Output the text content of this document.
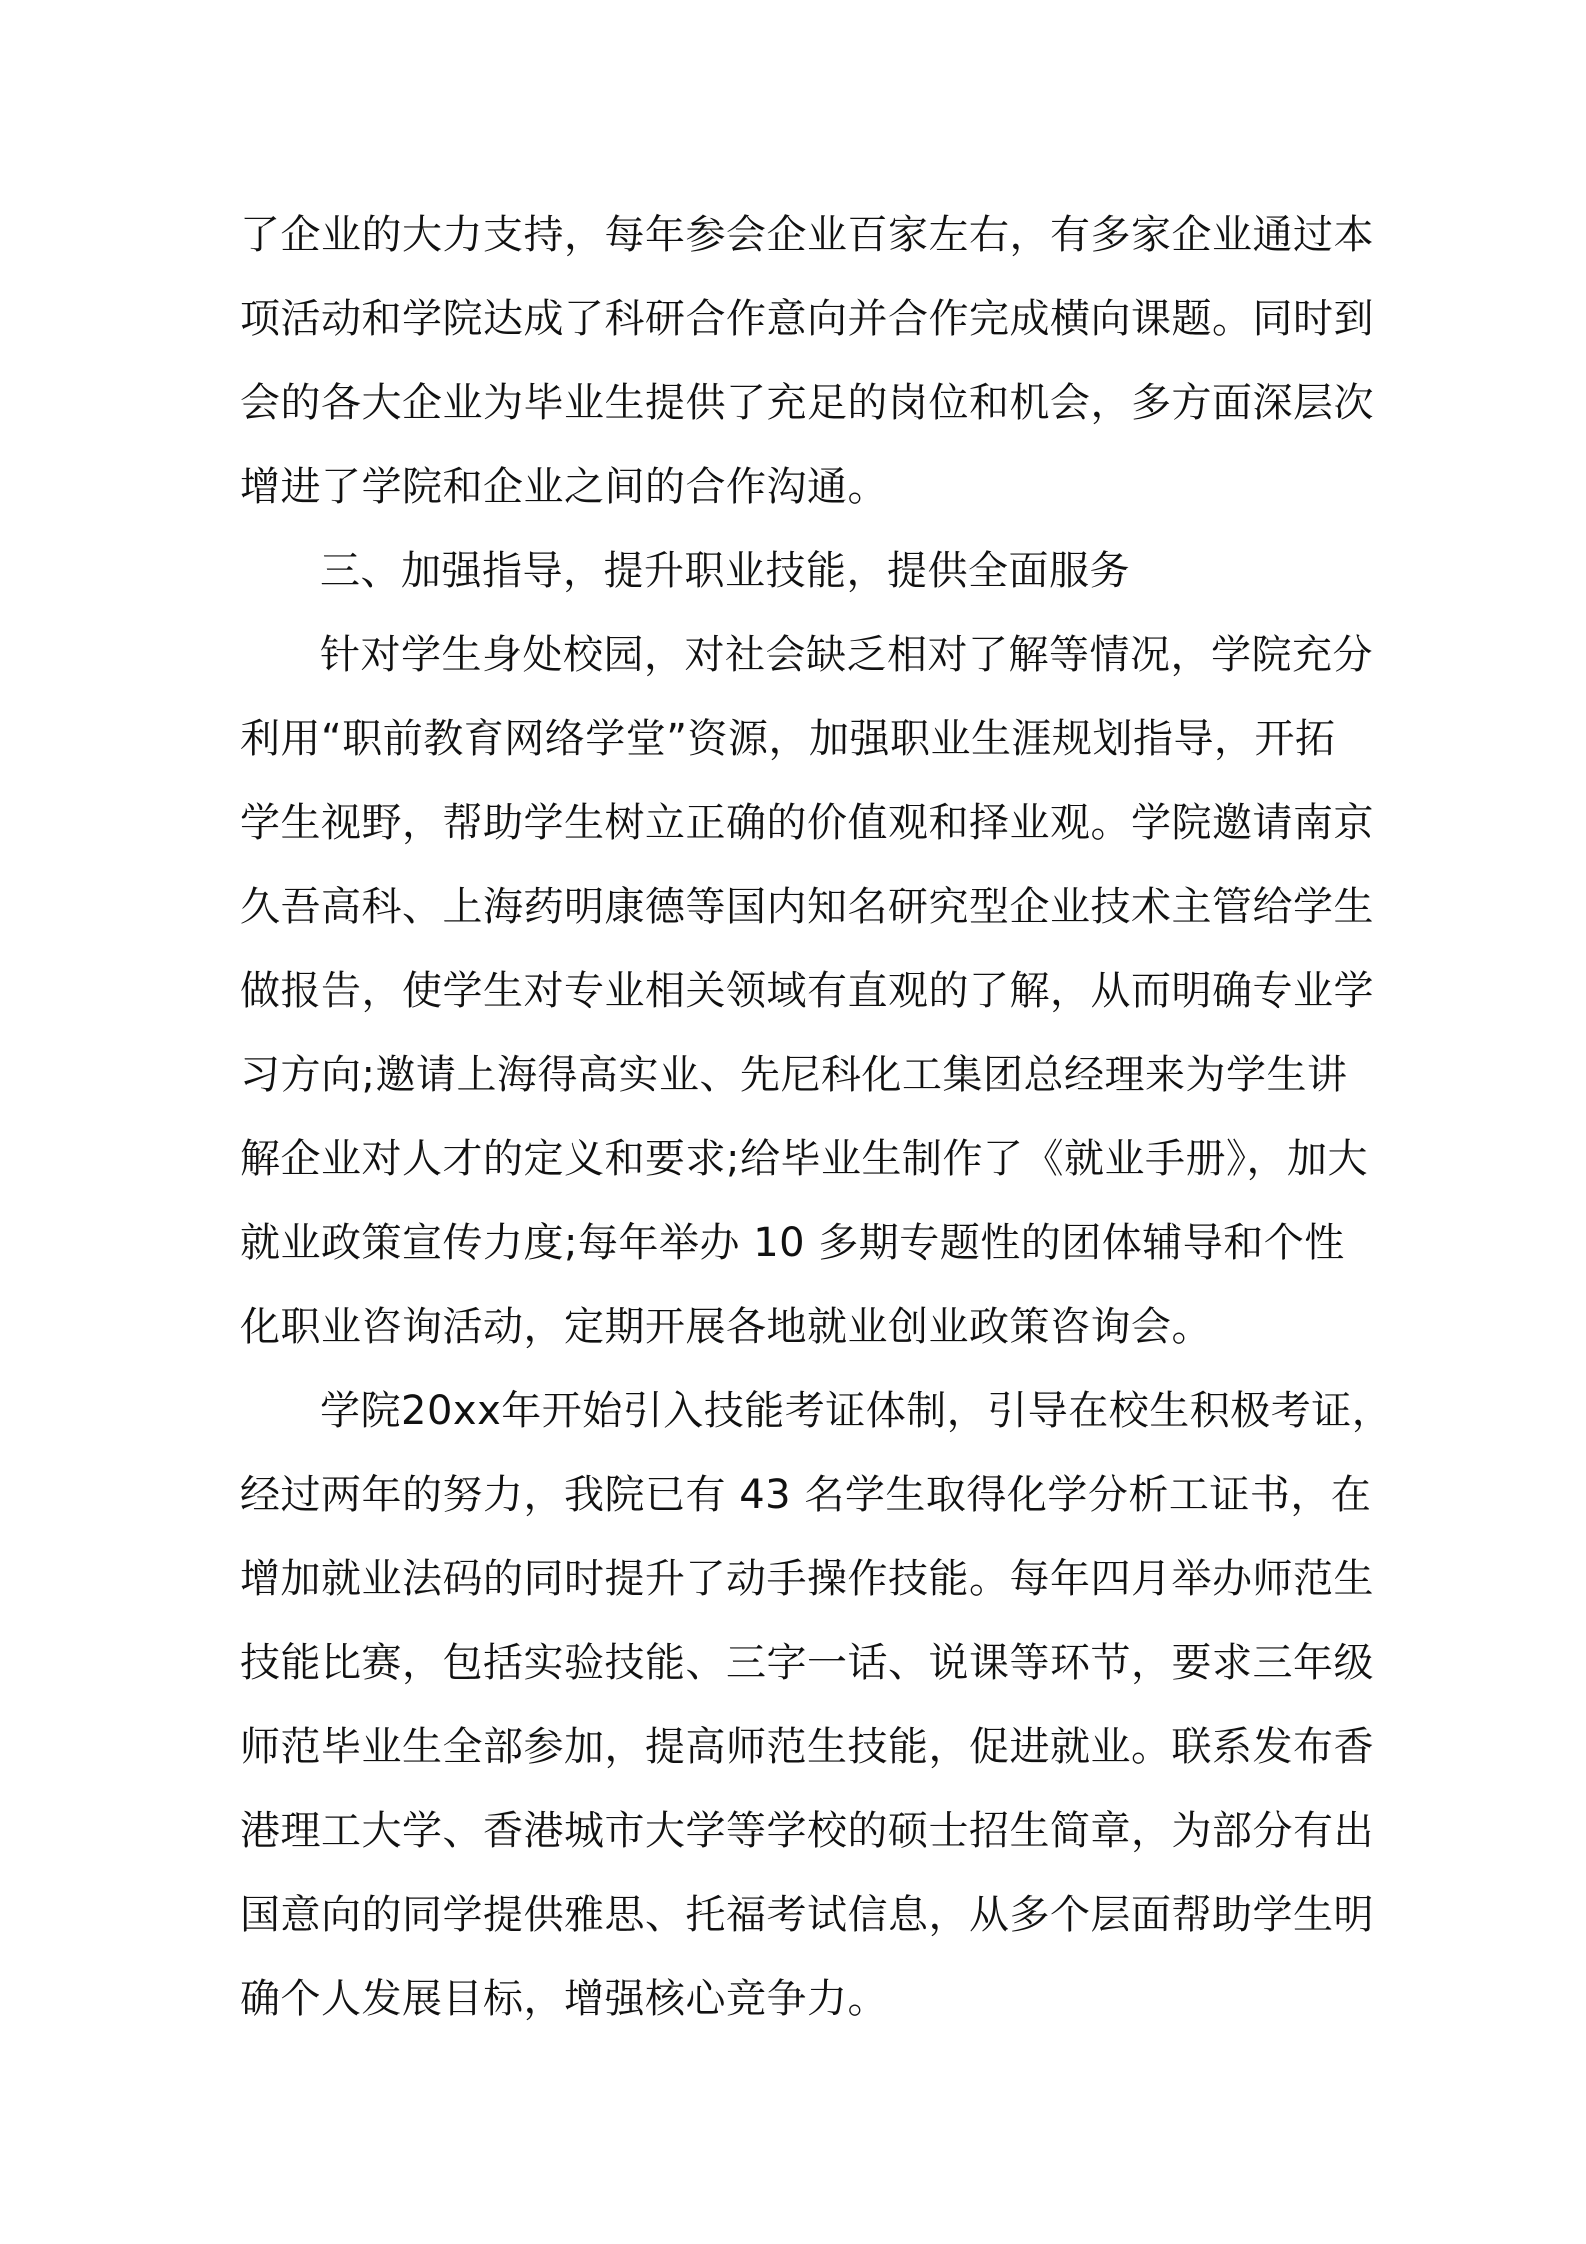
了企业的大力支持，每年参会企业百家左右，有多家企业通过本
项活动和学院达成了科研合作意向并合作完成横向课题。同时到
会的各大企业为毕业生提供了充足的岗位和机会，多方面深层次
增进了学院和企业之间的合作沟通。
三、加强指导，提升职业技能，提供全面服务
针对学生身处校园，对社会缺乏相对了解等情况，学院充分
利用“职前教育网络学堂”资源，加强职业生涯规划指导，开拓
学生视野，帮助学生树立正确的价值观和择业观。学院邀请南京
久吾高科、上海药明康德等国内知名研究型企业技术主管给学生
做报告，使学生对专业相关领域有直观的了解，从而明确专业学
习方向;邀请上海得高实业、先尼科化工集团总经理来为学生讲
解企业对人才的定义和要求;给毕业生制作了《就业手册》，加大
就业政策宣传力度;每年举办 10 多期专题性的团体辅导和个性
化职业咨询活动，定期开展各地就业创业政策咨询会。
学院20xx年开始引入技能考证体制，引导在校生积极考证，
经过两年的努力，我院已有 43 名学生取得化学分析工证书，在
增加就业法码的同时提升了动手操作技能。每年四月举办师范生
技能比赛，包括实验技能、三字一话、说课等环节，要求三年级
师范毕业生全部参加，提高师范生技能，促进就业。联系发布香
港理工大学、香港城市大学等学校的硕士招生简章，为部分有出
国意向的同学提供雅思、托福考试信息，从多个层面帮助学生明
确个人发展目标，增强核心竞争力。
